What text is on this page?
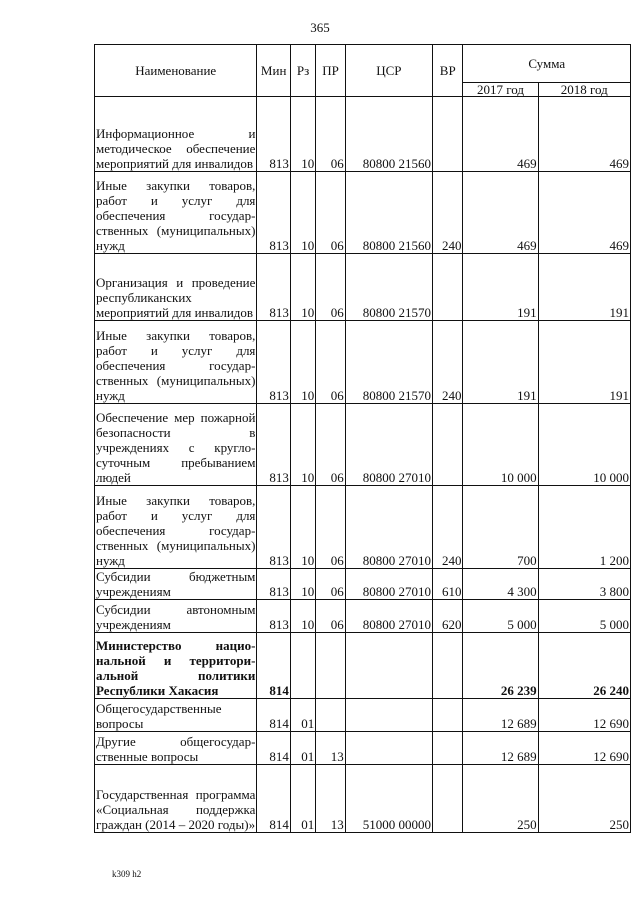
365
Наименование	Мин	Рз	ПР	ЦСР	ВР	Сумма	
						2017 год	2018 год
Информационное и методическое обеспечение мероприятий для инвалидов	813	10	06	80800 21560		469	469
Иные закупки товаров, работ и услуг для обеспечения государственных (муниципальных) нужд	813	10	06	80800 21560	240	469	469
Организация и проведение республиканских мероприятий для инвалидов	813	10	06	80800 21570		191	191
Иные закупки товаров, работ и услуг для обеспечения государственных (муниципальных) нужд	813	10	06	80800 21570	240	191	191
Обеспечение мер пожарной безопасности в учреждениях с круглосуточным пребыванием людей	813	10	06	80800 27010		10 000	10 000
Иные закупки товаров, работ и услуг для обеспечения государственных (муниципальных) нужд	813	10	06	80800 27010	240	700	1 200
Субсидии бюджетным учреждениям	813	10	06	80800 27010	610	4 300	3 800
Субсидии автономным учреждениям	813	10	06	80800 27010	620	5 000	5 000
Министерство национальной и территориальной политики Республики Хакасия	814					26 239	26 240
Общегосударственные вопросы	814	01				12 689	12 690
Другие общегосударственные вопросы	814	01	13			12 689	12 690
Государственная программа «Социальная поддержка граждан (2014 – 2020 годы)»	814	01	13	51000 00000		250	250
k309 h2
